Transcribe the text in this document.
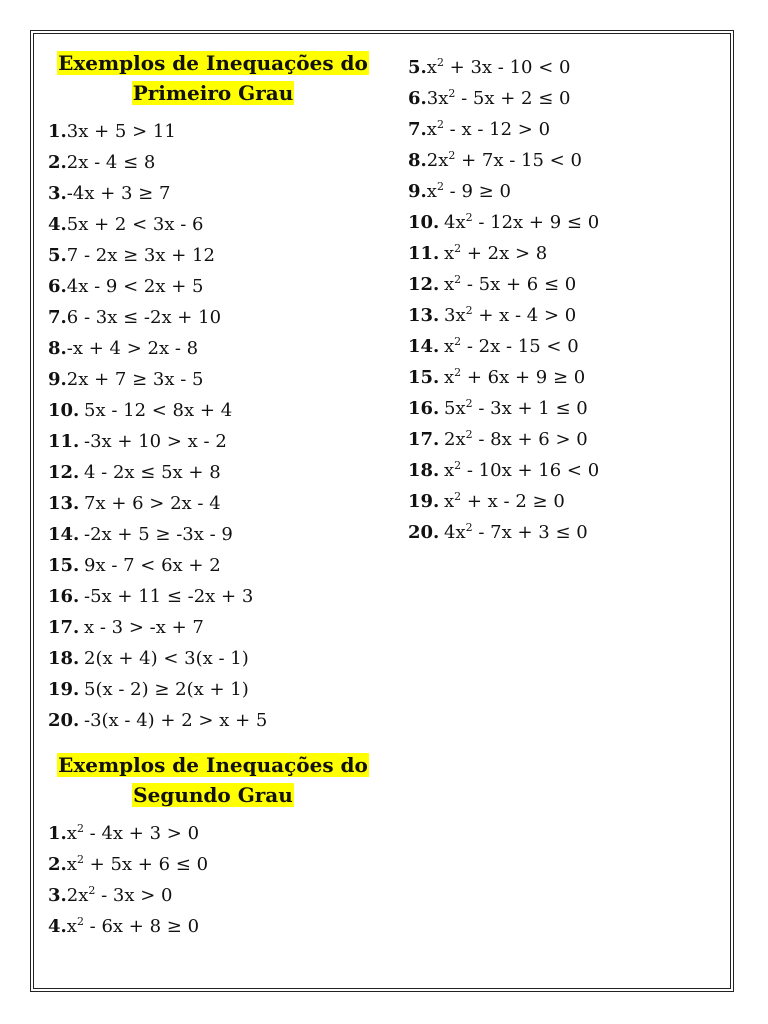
Exemplos de Inequações do
Primeiro Grau
1.3x + 5 > 11
2.2x - 4 ≤ 8
3.-4x + 3 ≥ 7
4.5x + 2 < 3x - 6
5.7 - 2x ≥ 3x + 12
6.4x - 9 < 2x + 5
7.6 - 3x ≤ -2x + 10
8.-x + 4 > 2x - 8
9.2x + 7 ≥ 3x - 5
10. 5x - 12 < 8x + 4
11. -3x + 10 > x - 2
12. 4 - 2x ≤ 5x + 8
13. 7x + 6 > 2x - 4
14. -2x + 5 ≥ -3x - 9
15. 9x - 7 < 6x + 2
16. -5x + 11 ≤ -2x + 3
17. x - 3 > -x + 7
18. 2(x + 4) < 3(x - 1)
19. 5(x - 2) ≥ 2(x + 1)
20. -3(x - 4) + 2 > x + 5
Exemplos de Inequações do
Segundo Grau
$1.x^2 - 4x + 3 > 0$
$2.x^2 + 5x + 6 \le 0$
$3.2x^2 - 3x > 0$
$4.x^2 - 6x + 8 \ge 0$
$5.x^2 + 3x - 10 < 0$
$6.3x^2 - 5x + 2 \le 0$
$7.x^2 - x - 12 > 0$
$8.2x^2 + 7x - 15 < 0$
$9.x^2 - 9 \ge 0$
10. $4x^2 - 12x + 9 \le 0$
11. $x^2 + 2x > 8$
12. $x^2 - 5x + 6 \le 0$
13. $3x^2 + x - 4 > 0$
14. $x^2 - 2x - 15 < 0$
15. $x^2 + 6x + 9 \ge 0$
16. $5x^2 - 3x + 1 \le 0$
17. $2x^2 - 8x + 6 > 0$
18. $x^2 - 10x + 16 < 0$
19. $x^2 + x - 2 \ge 0$
20. $4x^2 - 7x + 3 \le 0$
